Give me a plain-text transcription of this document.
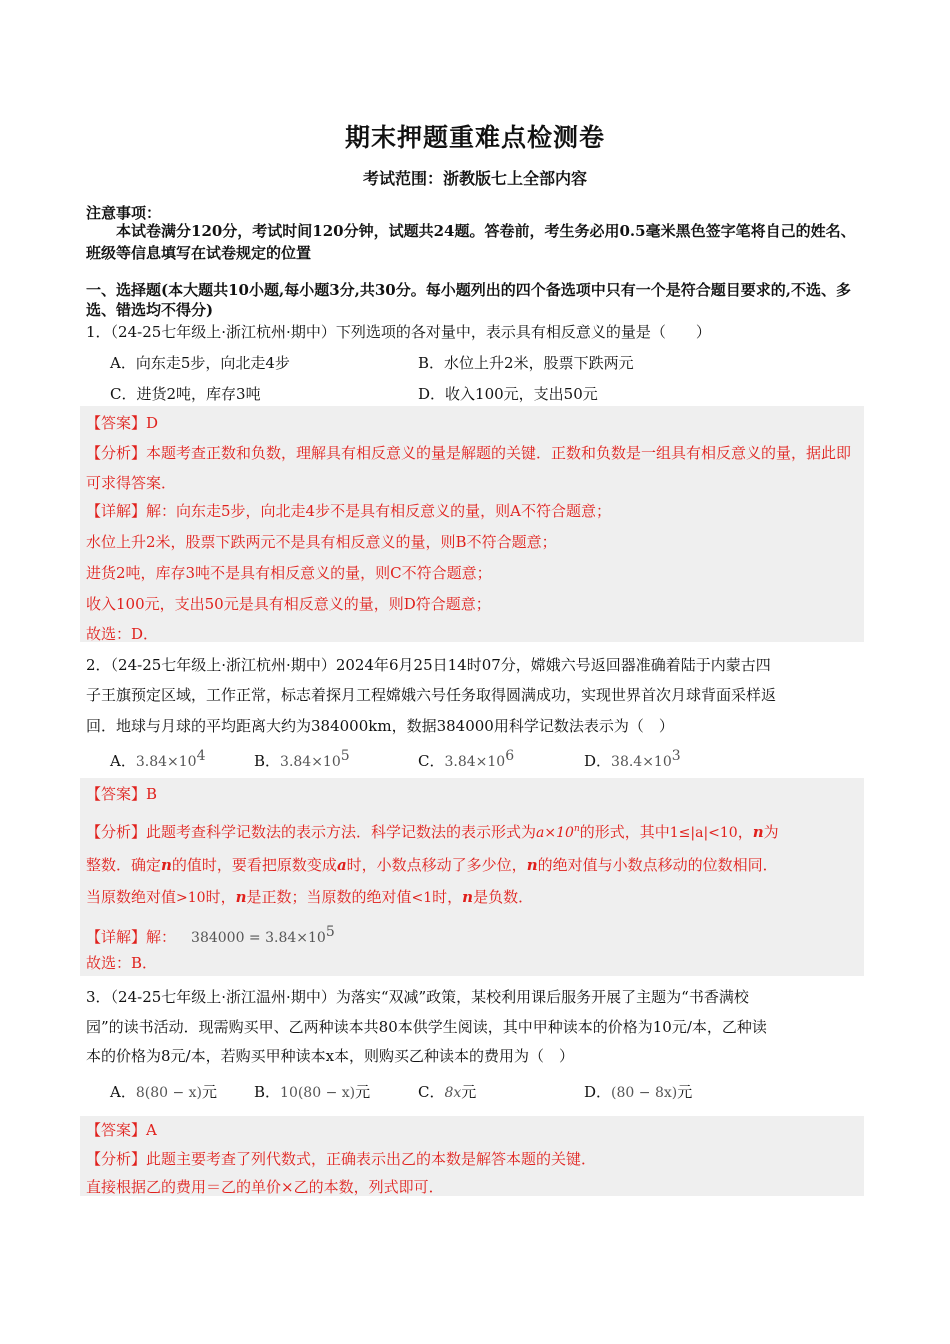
期末押题重难点检测卷
考试范围：浙教版七上全部内容
注意事项：
本试卷满分120分，考试时间120分钟，试题共24题。答卷前，考生务必用0.5毫米黑色签字笔将自己的姓名、班级等信息填写在试卷规定的位置
一、选择题(本大题共10小题,每小题3分,共30分。每小题列出的四个备选项中只有一个是符合题目要求的,不选、多选、错选均不得分)
1．（24-25七年级上·浙江杭州·期中）下列选项的各对量中，表示具有相反意义的量是（　　）
A．向东走5步，向北走4步	B．水位上升2米，股票下跌两元
C．进货2吨，库存3吨	D．收入100元，支出50元
【答案】D
【分析】本题考查正数和负数，理解具有相反意义的量是解题的关键．正数和负数是一组具有相反意义的量，据此即可求得答案．
【详解】解：向东走5步，向北走4步不是具有相反意义的量，则A不符合题意；
水位上升2米，股票下跌两元不是具有相反意义的量，则B不符合题意；
进货2吨，库存3吨不是具有相反意义的量，则C不符合题意；
收入100元，支出50元是具有相反意义的量，则D符合题意；
故选：D．
2．（24-25七年级上·浙江杭州·期中）2024年6月25日14时07分，嫦娥六号返回器准确着陆于内蒙古四
子王旗预定区域，工作正常，标志着探月工程嫦娥六号任务取得圆满成功，实现世界首次月球背面采样返
回．地球与月球的平均距离大约为384000km，数据384000用科学记数法表示为（　）
A．$3.84\times 10^4$	B．$3.84\times 10^5$	C．$3.84\times 10^6$	D．$38.4\times 10^3$
【答案】B
【分析】此题考查科学记数法的表示方法．科学记数法的表示形式为$a\times 10^n$的形式，其中1≤|a|<10，n为
整数．确定n的值时，要看把原数变成a时，小数点移动了多少位，n的绝对值与小数点移动的位数相同．
当原数绝对值>10时，n是正数；当原数的绝对值<1时，n是负数．
【详解】解：  $384000 = 3.84\times 10^5$
故选：B．
3．（24-25七年级上·浙江温州·期中）为落实“双减”政策，某校利用课后服务开展了主题为“书香满校
园”的读书活动．现需购买甲、乙两种读本共80本供学生阅读，其中甲种读本的价格为10元/本，乙种读
本的价格为8元/本，若购买甲种读本x本，则购买乙种读本的费用为（　）
A．8(80 − x)元 B．10(80 − x)元	C．8x元	D．(80 − 8x)元
【答案】A
【分析】此题主要考查了列代数式，正确表示出乙的本数是解答本题的关键．
直接根据乙的费用＝乙的单价×乙的本数，列式即可．
